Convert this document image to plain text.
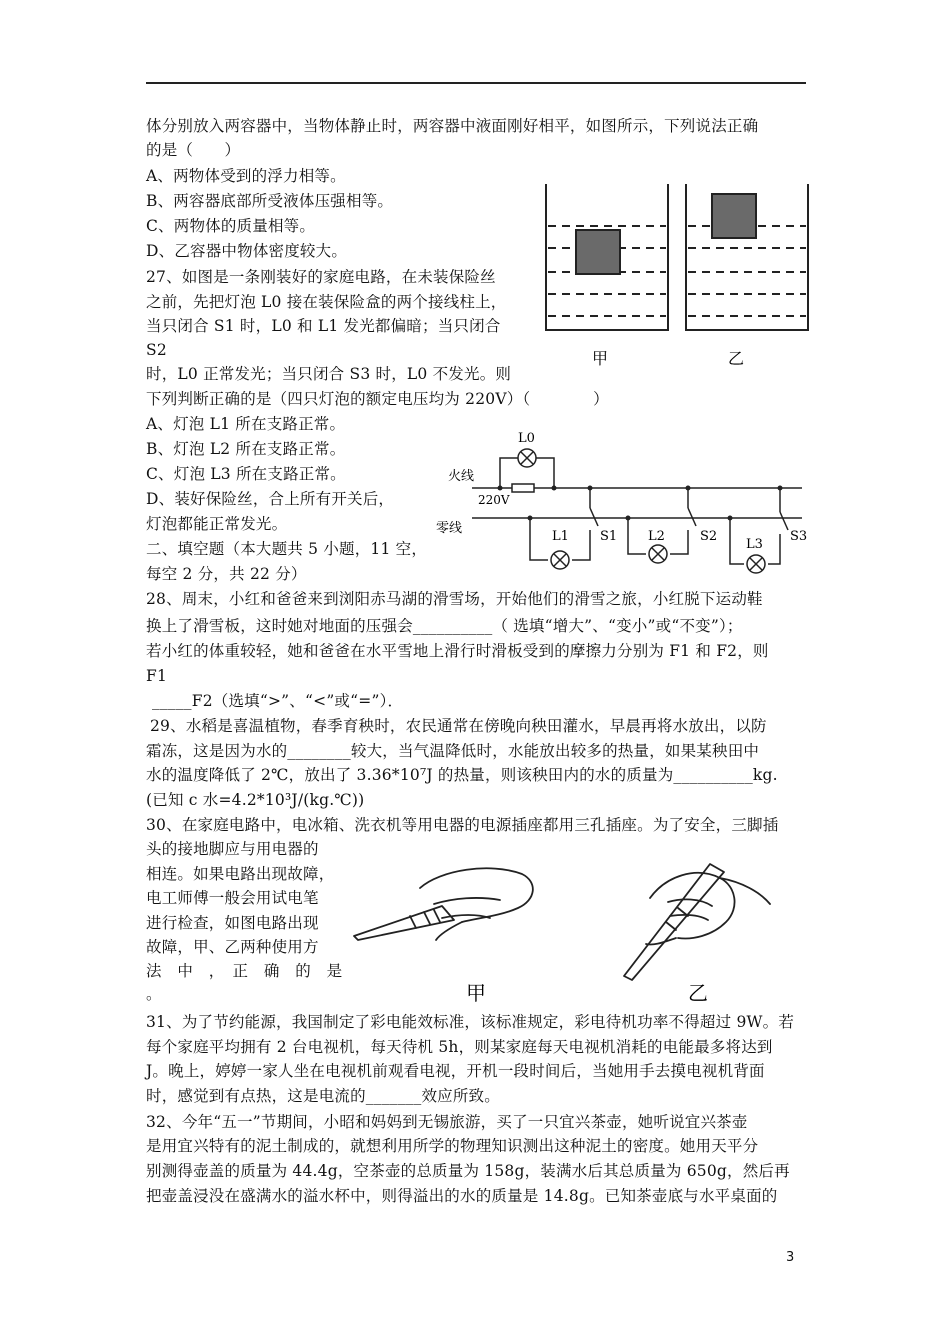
体分别放入两容器中，当物体静止时，两容器中液面刚好相平，如图所示，下列说法正确
的是（　　）
A、两物体受到的浮力相等。
B、两容器底部所受液体压强相等。
C、两物体的质量相等。
D、乙容器中物体密度较大。
27、如图是一条刚装好的家庭电路，在未装保险丝
之前，先把灯泡 L0 接在装保险盒的两个接线柱上，
当只闭合 S1 时，L0 和 L1 发光都偏暗；当只闭合
S2
时，L0 正常发光；当只闭合 S3 时，L0 不发光。则
下列判断正确的是（四只灯泡的额定电压均为 220V）（　　　　）
A、灯泡 L1 所在支路正常。
B、灯泡 L2 所在支路正常。
C、灯泡 L3 所在支路正常。
D、装好保险丝，合上所有开关后，
灯泡都能正常发光。
二、填空题（本大题共 5 小题，11 空，
每空 2 分，共 22 分）
28、周末，小红和爸爸来到浏阳赤马湖的滑雪场，开始他们的滑雪之旅，小红脱下运动鞋
换上了滑雪板，这时她对地面的压强会__________（ 选填“增大”、“变小”或“不变”）；
若小红的体重较轻，她和爸爸在水平雪地上滑行时滑板受到的摩擦力分别为 F1 和 F2，则
F1
_____F2（选填“>”、“<”或“=”）．
29、水稻是喜温植物，春季育秧时，农民通常在傍晚向秧田灌水，早晨再将水放出，以防
霜冻，这是因为水的________较大，当气温降低时，水能放出较多的热量，如果某秧田中
水的温度降低了 2℃，放出了 3.36*10⁷J 的热量，则该秧田内的水的质量为__________kg.
(已知 c 水=4.2*10³J/(kg.℃))
30、在家庭电路中，电冰箱、洗衣机等用电器的电源插座都用三孔插座。为了安全，三脚插
头的接地脚应与用电器的
相连。如果电路出现故障，
电工师傅一般会用试电笔
进行检查，如图电路出现
故障，甲、乙两种使用方
法　中　，　正　确　的　是
。
31、为了节约能源，我国制定了彩电能效标准，该标准规定，彩电待机功率不得超过 9W。若
每个家庭平均拥有 2 台电视机，每天待机 5h，则某家庭每天电视机消耗的电能最多将达到
J。晚上，婷婷一家人坐在电视机前观看电视，开机一段时间后，当她用手去摸电视机背面
时，感觉到有点热，这是电流的_______效应所致。
32、今年“五一”节期间，小昭和妈妈到无锡旅游，买了一只宜兴茶壶，她听说宜兴茶壶
是用宜兴特有的泥土制成的，就想利用所学的物理知识测出这种泥土的密度。她用天平分
别测得壶盖的质量为 44.4g，空茶壶的总质量为 158g，装满水后其总质量为 650g，然后再
把壶盖浸没在盛满水的溢水杯中，则得溢出的水的质量是 14.8g。已知茶壶底与水平桌面的
甲	乙
L0
火线
220V
零线
L1 S1 L2	S2
L3
S3
甲	乙
3
